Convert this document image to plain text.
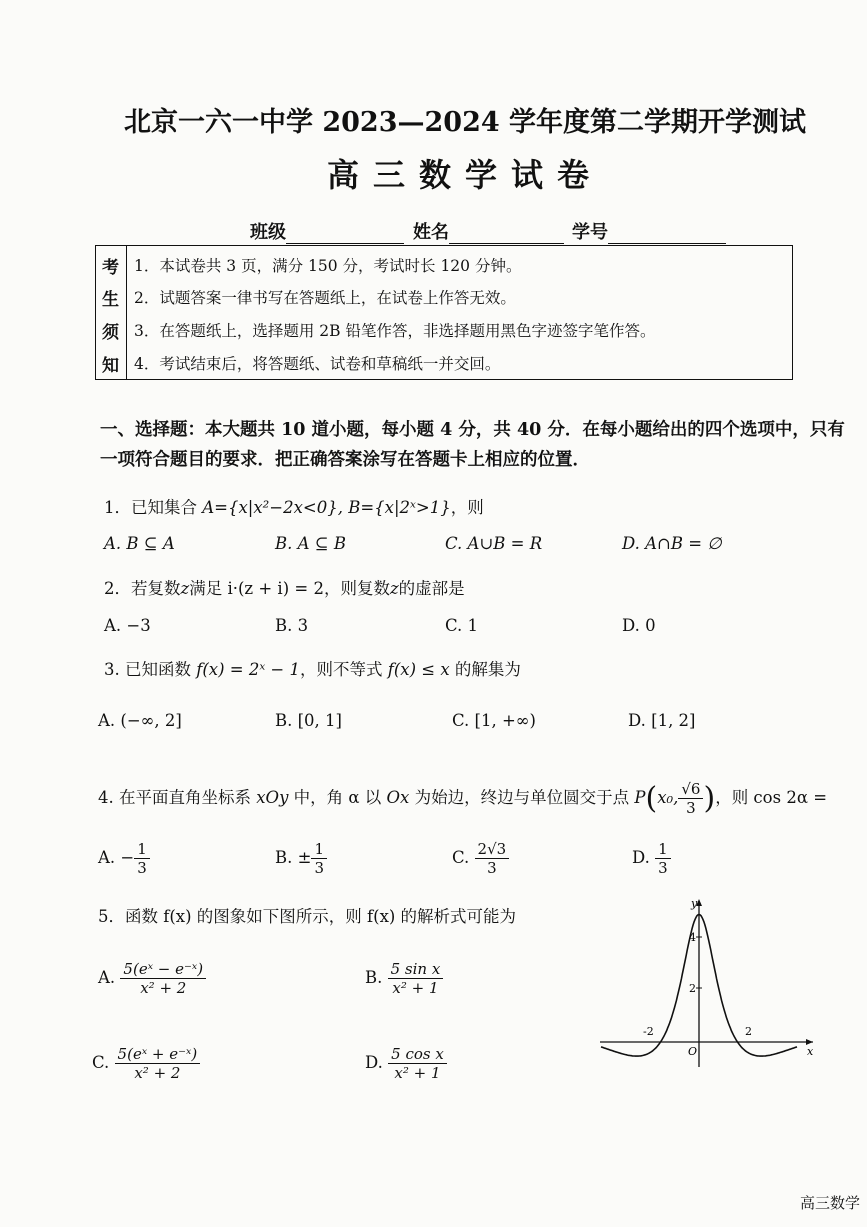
北京一六一中学 2023—2024 学年度第二学期开学测试
高三数学试卷
班级	姓名	学号
考
生
须
知
1．本试卷共 3 页，满分 150 分，考试时长 120 分钟。
2．试题答案一律书写在答题纸上，在试卷上作答无效。
3．在答题纸上，选择题用 2B 铅笔作答，非选择题用黑色字迹签字笔作答。
4．考试结束后，将答题纸、试卷和草稿纸一并交回。
一、选择题：本大题共 10 道小题，每小题 4 分，共 40 分．在每小题给出的四个选项中，只有
一项符合题目的要求．把正确答案涂写在答题卡上相应的位置．
1．已知集合 A={x|x²−2x<0}, B={x|2ˣ>1}，则
A. B ⊆ A	B. A ⊆ B	C. A∪B = R	D. A∩B = ∅
2．若复数z满足 i·(z + i) = 2，则复数z的虚部是
A. −3	B. 3	C. 1	D. 0
3. 已知函数 f(x) = 2ˣ − 1，则不等式 f(x) ≤ x 的解集为
A. (−∞, 2]	B. [0, 1]	C. [1, +∞)	D. [1, 2]
4. 在平面直角坐标系 xOy 中，角 α 以 Ox 为始边，终边与单位圆交于点 P(x₀, $\frac{√6}{3}$ )，则 cos 2α =
A. − $\frac{1}{3}$	B. ± $\frac{1}{3}$	C. $\frac{2√3}{3}$	D. $\frac{1}{3}$
5．函数 f(x) 的图象如下图所示，则 f(x) 的解析式可能为
A. $\frac{\text{5(eˣ − e⁻ˣ)}}{\text{x² + 2}}$	B. $\frac{\text{5 sin x}}{\text{x² + 1}}$
C. $\frac{\text{5(eˣ + e⁻ˣ)}}{\text{x² + 2}}$	D. $\frac{\text{5 cos x}}{\text{x² + 1}}$
y
x
O
4
2
-2	2
高三数学
